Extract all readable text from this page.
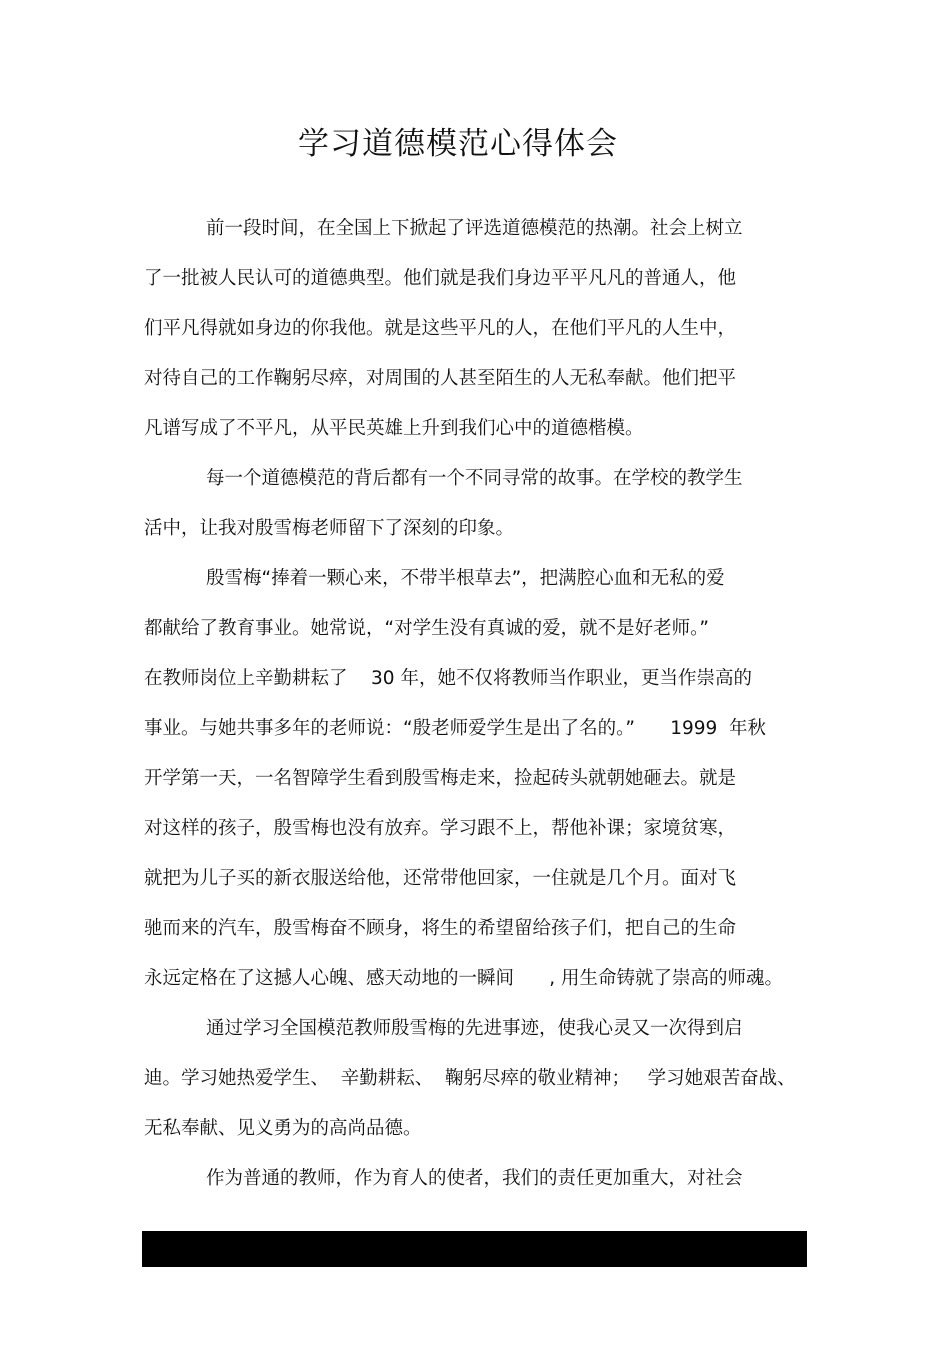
学习道德模范心得体会
前一段时间，在全国上下掀起了评选道德模范的热潮。社会上树立
了一批被人民认可的道德典型。他们就是我们身边平平凡凡的普通人，他
们平凡得就如身边的你我他。就是这些平凡的人，在他们平凡的人生中，
对待自己的工作鞠躬尽瘁，对周围的人甚至陌生的人无私奉献。他们把平
凡谱写成了不平凡，从平民英雄上升到我们心中的道德楷模。
每一个道德模范的背后都有一个不同寻常的故事。在学校的教学生
活中，让我对殷雪梅老师留下了深刻的印象。
殷雪梅“捧着一颗心来，不带半根草去”，把满腔心血和无私的爱
都献给了教育事业。她常说，“对学生没有真诚的爱，就不是好老师。”
在教师岗位上辛勤耕耘了    30 年，她不仅将教师当作职业，更当作崇高的
事业。与她共事多年的老师说：“殷老师爱学生是出了名的。”      1999  年秋
开学第一天，一名智障学生看到殷雪梅走来，捡起砖头就朝她砸去。就是
对这样的孩子，殷雪梅也没有放弃。学习跟不上，帮他补课；家境贫寒，
就把为儿子买的新衣服送给他，还常带他回家，一住就是几个月。面对飞
驰而来的汽车，殷雪梅奋不顾身，将生的希望留给孩子们，把自己的生命
永远定格在了这撼人心魄、感天动地的一瞬间      , 用生命铸就了崇高的师魂。
通过学习全国模范教师殷雪梅的先进事迹，使我心灵又一次得到启
迪。学习她热爱学生、  辛勤耕耘、  鞠躬尽瘁的敬业精神；   学习她艰苦奋战、
无私奉献、见义勇为的高尚品德。
作为普通的教师，作为育人的使者，我们的责任更加重大，对社会
